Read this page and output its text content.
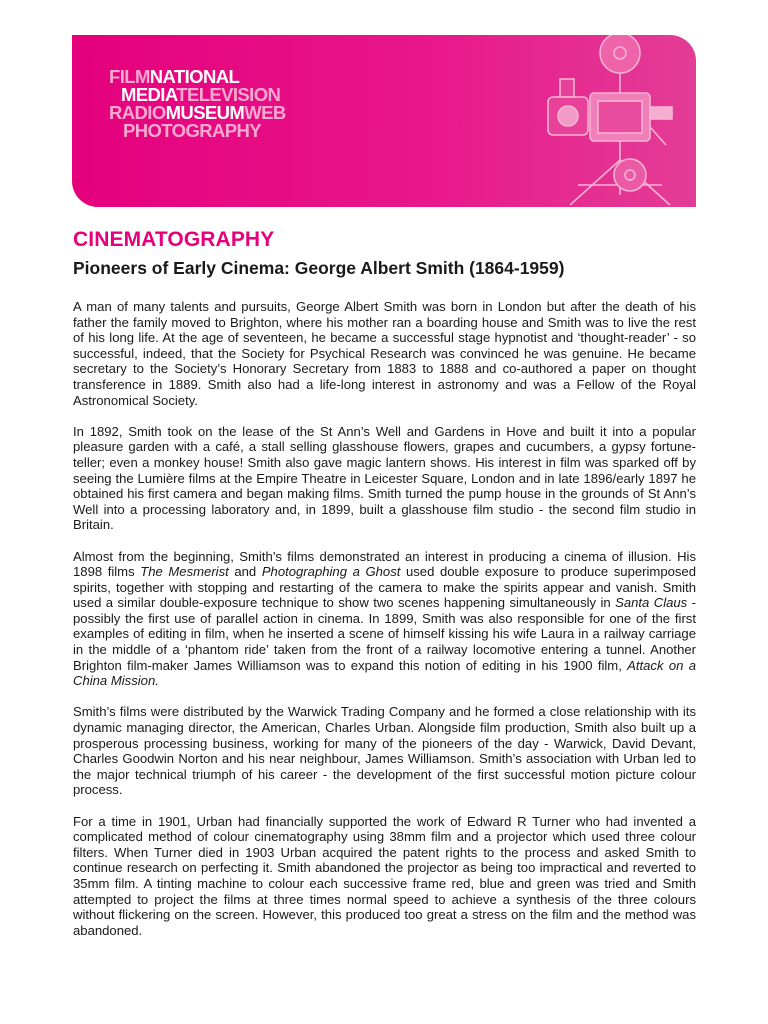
FILMNATIONAL
MEDIATELEVISION
RADIOMUSEUMWEB
PHOTOGRAPHY
CINEMATOGRAPHY
Pioneers of Early Cinema: George Albert Smith (1864-1959)

A man of many talents and pursuits, George Albert Smith was born in London but after the death of his father the family moved to Brighton, where his mother ran a boarding house and Smith was to live the rest of his long life. At the age of seventeen, he became a successful stage hypnotist and ‘thought-reader’ - so successful, indeed, that the Society for Psychical Research was convinced he was genuine. He became secretary to the Society’s Honorary Secretary from 1883 to 1888 and co-authored a paper on thought transference in 1889. Smith also had a life-long interest in astronomy and was a Fellow of the Royal Astronomical Society.

In 1892, Smith took on the lease of the St Ann’s Well and Gardens in Hove and built it into a popular pleasure garden with a café, a stall selling glasshouse flowers, grapes and cucumbers, a gypsy fortune-teller; even a monkey house! Smith also gave magic lantern shows. His interest in film was sparked off by seeing the Lumière films at the Empire Theatre in Leicester Square, London and in late 1896/early 1897 he obtained his first camera and began making films. Smith turned the pump house in the grounds of St Ann’s Well into a processing laboratory and, in 1899, built a glasshouse film studio - the second film studio in Britain.

Almost from the beginning, Smith’s films demonstrated an interest in producing a cinema of illusion. His 1898 films The Mesmerist and Photographing a Ghost used double exposure to produce superimposed spirits, together with stopping and restarting of the camera to make the spirits appear and vanish. Smith used a similar double-exposure technique to show two scenes happening simultaneously in Santa Claus - possibly the first use of parallel action in cinema. In 1899, Smith was also responsible for one of the first examples of editing in film, when he inserted a scene of himself kissing his wife Laura in a railway carriage in the middle of a ‘phantom ride’ taken from the front of a railway locomotive entering a tunnel. Another Brighton film-maker James Williamson was to expand this notion of editing in his 1900 film, Attack on a China Mission.

Smith’s films were distributed by the Warwick Trading Company and he formed a close relationship with its dynamic managing director, the American, Charles Urban. Alongside film production, Smith also built up a prosperous processing business, working for many of the pioneers of the day - Warwick, David Devant, Charles Goodwin Norton and his near neighbour, James Williamson. Smith’s association with Urban led to the major technical triumph of his career - the development of the first successful motion picture colour process.

For a time in 1901, Urban had financially supported the work of Edward R Turner who had invented a complicated method of colour cinematography using 38mm film and a projector which used three colour filters. When Turner died in 1903 Urban acquired the patent rights to the process and asked Smith to continue research on perfecting it. Smith abandoned the projector as being too impractical and reverted to 35mm film. A tinting machine to colour each successive frame red, blue and green was tried and Smith attempted to project the films at three times normal speed to achieve a synthesis of the three colours without flickering on the screen. However, this produced too great a stress on the film and the method was abandoned.
